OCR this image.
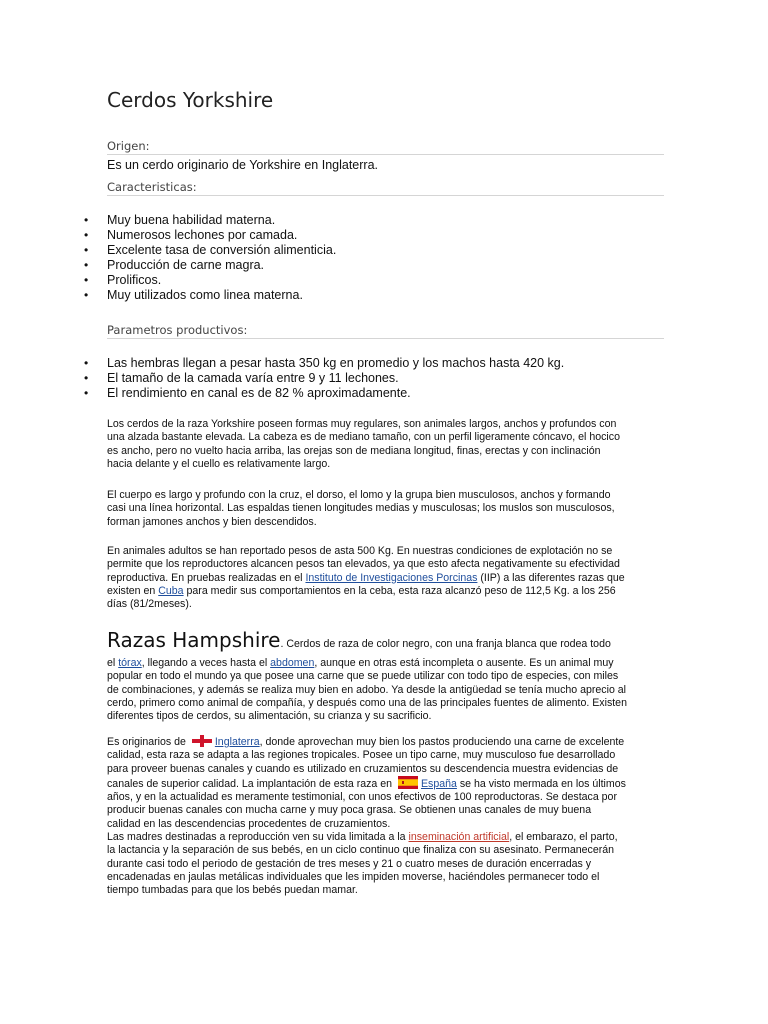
Cerdos Yorkshire
Origen:
Es un cerdo originario de Yorkshire en Inglaterra.
Caracteristicas:
• Muy buena habilidad materna.
• Numerosos lechones por camada.
• Excelente tasa de conversión alimenticia.
• Producción de carne magra.
• Prolificos.
• Muy utilizados como linea materna.
Parametros productivos:
• Las hembras llegan a pesar hasta 350 kg en promedio y los machos hasta 420 kg.
• El tamaño de la camada varía entre 9 y 11 lechones.
• El rendimiento en canal es de 82 % aproximadamente.
Los cerdos de la raza Yorkshire poseen formas muy regulares, son animales largos, anchos y profundos con
una alzada bastante elevada. La cabeza es de mediano tamaño, con un perfil ligeramente cóncavo, el hocico
es ancho, pero no vuelto hacia arriba, las orejas son de mediana longitud, finas, erectas y con inclinación
hacia delante y el cuello es relativamente largo.
El cuerpo es largo y profundo con la cruz, el dorso, el lomo y la grupa bien musculosos, anchos y formando
casi una línea horizontal. Las espaldas tienen longitudes medias y musculosas; los muslos son musculosos,
forman jamones anchos y bien descendidos.
En animales adultos se han reportado pesos de asta 500 Kg. En nuestras condiciones de explotación no se
permite que los reproductores alcancen pesos tan elevados, ya que esto afecta negativamente su efectividad
reproductiva. En pruebas realizadas en el Instituto de Investigaciones Porcinas (IIP) a las diferentes razas que
existen en Cuba para medir sus comportamientos en la ceba, esta raza alcanzó peso de 112,5 Kg. a los 256
días (81/2meses).
Razas Hampshire. Cerdos de raza de color negro, con una franja blanca que rodea todo
el tórax, llegando a veces hasta el abdomen, aunque en otras está incompleta o ausente. Es un animal muy
popular en todo el mundo ya que posee una carne que se puede utilizar con todo tipo de especies, con miles
de combinaciones, y además se realiza muy bien en adobo. Ya desde la antigüedad se tenía mucho aprecio al
cerdo, primero como animal de compañía, y después como una de las principales fuentes de alimento. Existen
diferentes tipos de cerdos, su alimentación, su crianza y su sacrificio.
Es originarios de Inglaterra, donde aprovechan muy bien los pastos produciendo una carne de excelente
calidad, esta raza se adapta a las regiones tropicales. Posee un tipo carne, muy musculoso fue desarrollado
para proveer buenas canales y cuando es utilizado en cruzamientos su descendencia muestra evidencias de
canales de superior calidad. La implantación de esta raza en España se ha visto mermada en los últimos
años, y en la actualidad es meramente testimonial, con unos efectivos de 100 reproductoras. Se destaca por
producir buenas canales con mucha carne y muy poca grasa. Se obtienen unas canales de muy buena
calidad en las descendencias procedentes de cruzamientos.
Las madres destinadas a reproducción ven su vida limitada a la inseminación artificial, el embarazo, el parto,
la lactancia y la separación de sus bebés, en un ciclo continuo que finaliza con su asesinato. Permanecerán
durante casi todo el periodo de gestación de tres meses y 21 o cuatro meses de duración encerradas y
encadenadas en jaulas metálicas individuales que les impiden moverse, haciéndoles permanecer todo el
tiempo tumbadas para que los bebés puedan mamar.
